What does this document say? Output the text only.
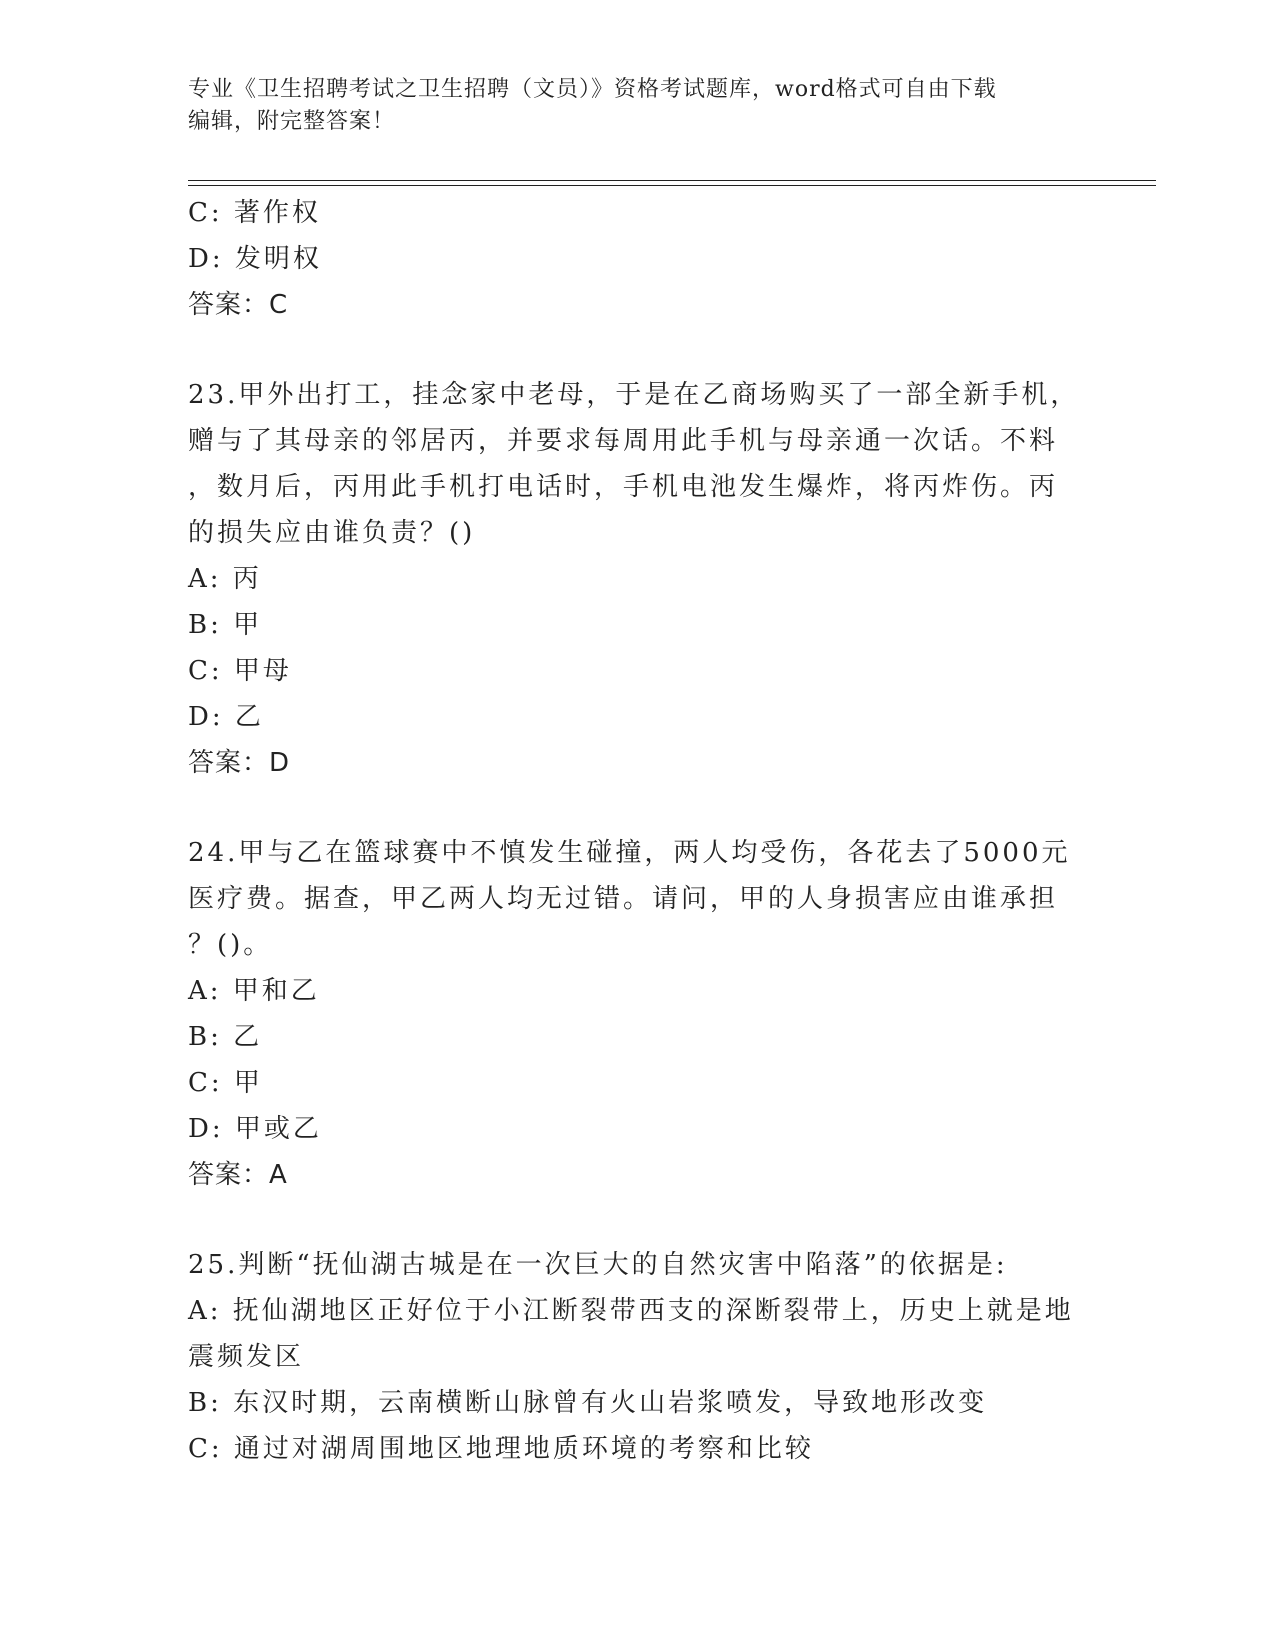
专业《卫生招聘考试之卫生招聘（文员）》资格考试题库，word格式可自由下载
编辑，附完整答案！
C: 著作权
D: 发明权
答案：C
23.甲外出打工，挂念家中老母，于是在乙商场购买了一部全新手机，
赠与了其母亲的邻居丙，并要求每周用此手机与母亲通一次话。不料
，数月后，丙用此手机打电话时，手机电池发生爆炸，将丙炸伤。丙
的损失应由谁负责？()
A: 丙
B: 甲
C: 甲母
D: 乙
答案：D
24.甲与乙在篮球赛中不慎发生碰撞，两人均受伤，各花去了5000元
医疗费。据查，甲乙两人均无过错。请问，甲的人身损害应由谁承担
？()。
A: 甲和乙
B: 乙
C: 甲
D: 甲或乙
答案：A
25.判断“抚仙湖古城是在一次巨大的自然灾害中陷落”的依据是:
A: 抚仙湖地区正好位于小江断裂带西支的深断裂带上，历史上就是地
震频发区
B: 东汉时期，云南横断山脉曾有火山岩浆喷发，导致地形改变
C: 通过对湖周围地区地理地质环境的考察和比较
